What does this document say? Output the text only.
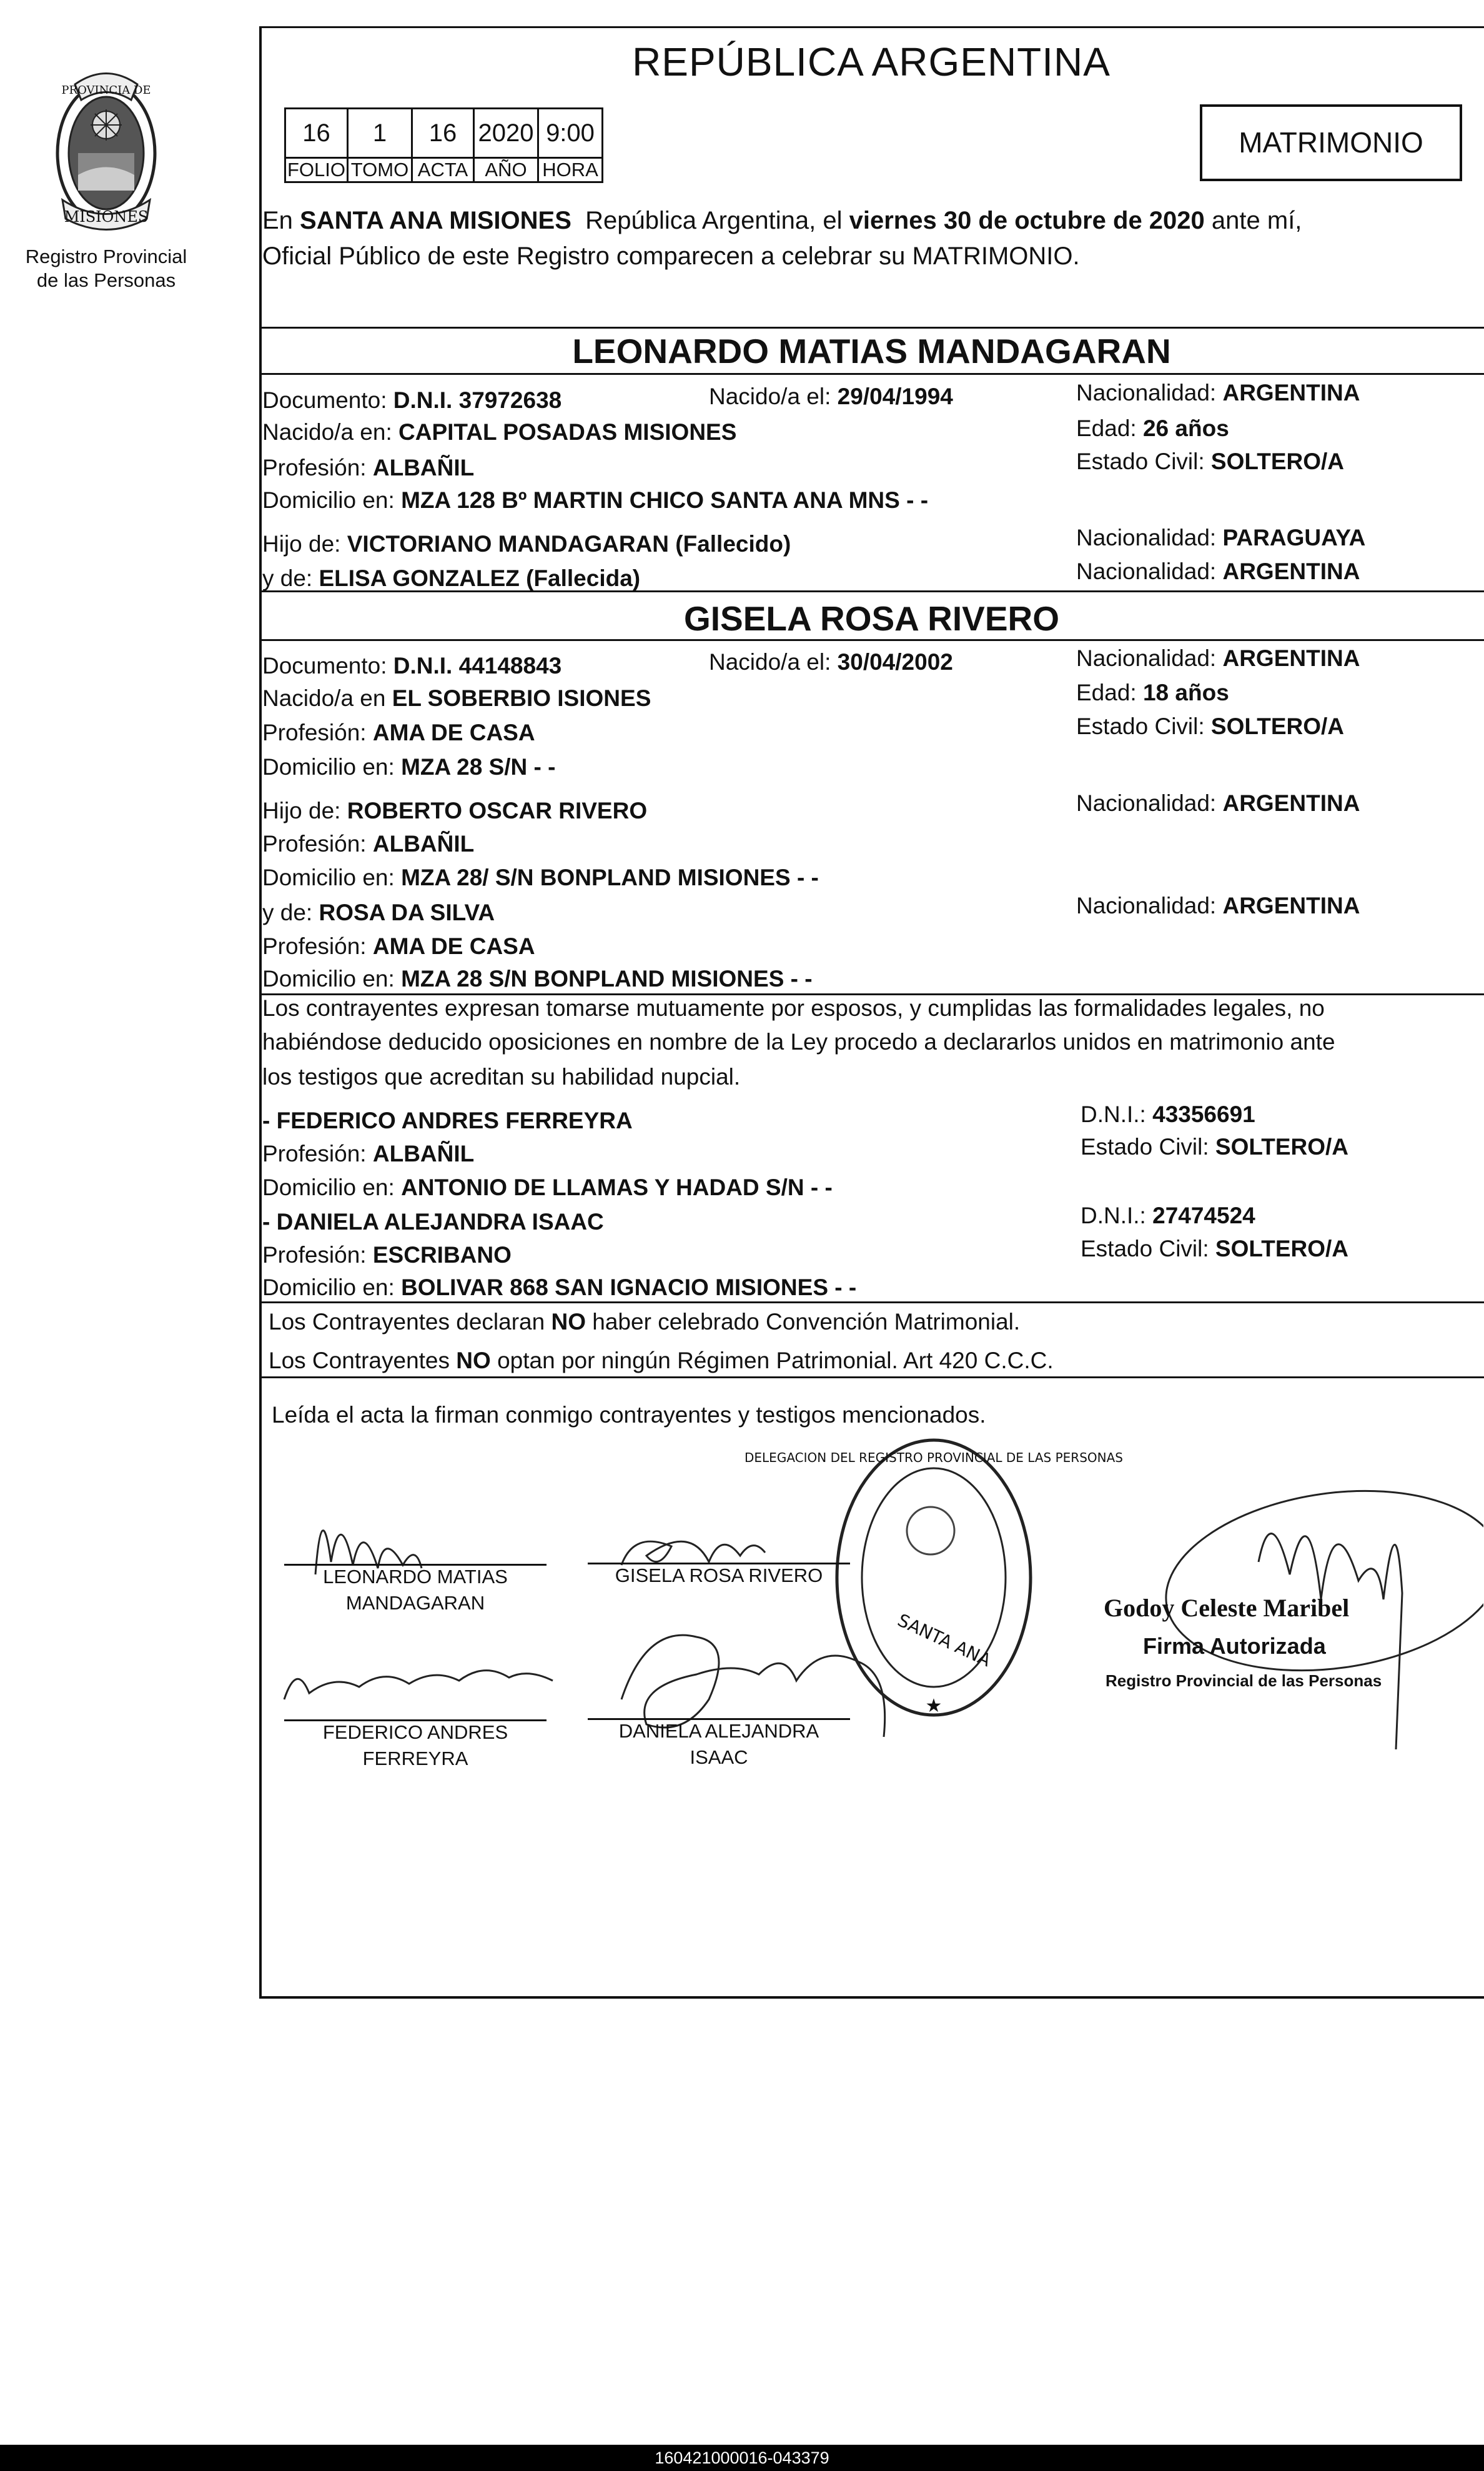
PROVINCIA DE
MISIONES
Registro Provincial
de las Personas
REPÚBLICA ARGENTINA
16	1	16	2020	9:00
FOLIO	TOMO	ACTA	AÑO	HORA
MATRIMONIO
En SANTA ANA MISIONES  República Argentina, el viernes 30 de octubre de 2020 ante mí,
Oficial Público de este Registro comparecen a celebrar su MATRIMONIO.
LEONARDO MATIAS MANDAGARAN
Documento: D.N.I. 37972638	Nacido/a el: 29/04/1994	Nacionalidad: ARGENTINA
Nacido/a en: CAPITAL POSADAS MISIONES	Edad: 26 años
Profesión: ALBAÑIL	Estado Civil: SOLTERO/A
Domicilio en: MZA 128 Bº MARTIN CHICO SANTA ANA MNS - -
Hijo de: VICTORIANO MANDAGARAN (Fallecido)	Nacionalidad: PARAGUAYA
y de: ELISA GONZALEZ (Fallecida)	Nacionalidad: ARGENTINA
GISELA ROSA RIVERO
Documento: D.N.I. 44148843	Nacido/a el: 30/04/2002	Nacionalidad: ARGENTINA
Nacido/a en EL SOBERBIO ISIONES	Edad: 18 años
Profesión: AMA DE CASA	Estado Civil: SOLTERO/A
Domicilio en: MZA 28 S/N - -
Hijo de: ROBERTO OSCAR RIVERO	Nacionalidad: ARGENTINA
Profesión: ALBAÑIL
Domicilio en: MZA 28/ S/N BONPLAND MISIONES - -
y de: ROSA DA SILVA	Nacionalidad: ARGENTINA
Profesión: AMA DE CASA
Domicilio en: MZA 28 S/N BONPLAND MISIONES - -
Los contrayentes expresan tomarse mutuamente por esposos, y cumplidas las formalidades legales, no
habiéndose deducido oposiciones en nombre de la Ley procedo a declararlos unidos en matrimonio ante
los testigos que acreditan su habilidad nupcial.
- FEDERICO ANDRES FERREYRA	D.N.I.: 43356691
Profesión: ALBAÑIL	Estado Civil: SOLTERO/A
Domicilio en: ANTONIO DE LLAMAS Y HADAD S/N - -
- DANIELA ALEJANDRA ISAAC	D.N.I.: 27474524
Profesión: ESCRIBANO	Estado Civil: SOLTERO/A
Domicilio en: BOLIVAR 868 SAN IGNACIO MISIONES - -
Los Contrayentes declaran NO haber celebrado Convención Matrimonial.
Los Contrayentes NO optan por ningún Régimen Patrimonial. Art 420 C.C.C.
Leída el acta la firman conmigo contrayentes y testigos mencionados.
SANTA ANA
★
DELEGACION DEL REGISTRO PROVINCIAL DE LAS PERSONAS
LEONARDO MATIAS
MANDAGARAN
GISELA ROSA RIVERO
FEDERICO ANDRES
FERREYRA
DANIELA ALEJANDRA
ISAAC
Godoy Celeste Maribel
Firma Autorizada
Registro Provincial de las Personas
160421000016-043379
